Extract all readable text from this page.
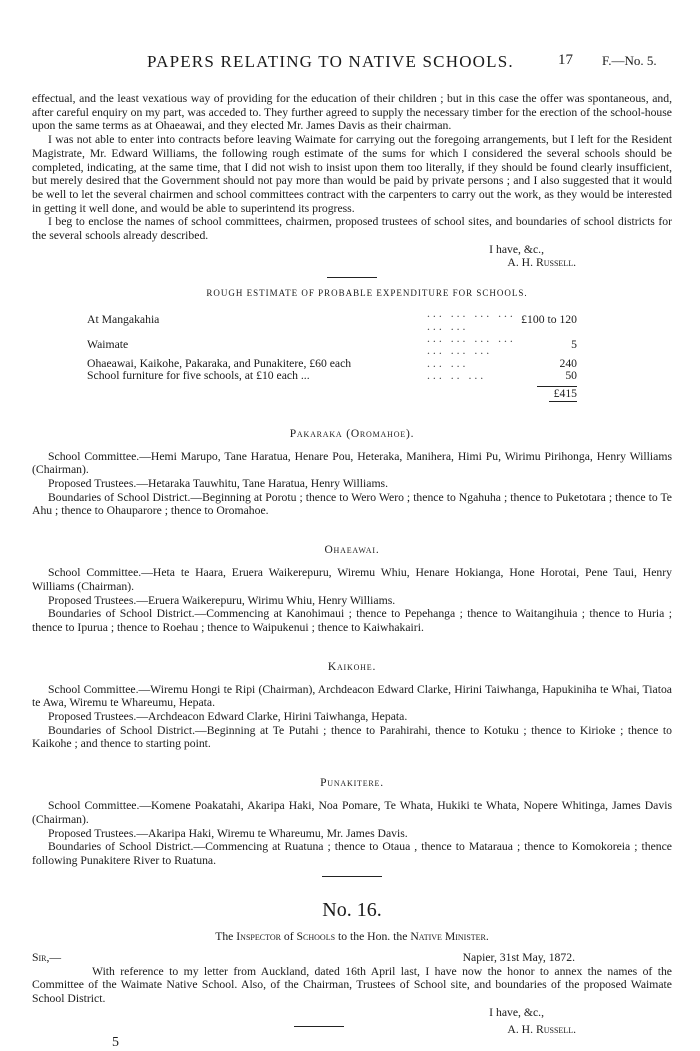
PAPERS RELATING TO NATIVE SCHOOLS.	17 F.—No. 5.

effectual, and the least vexatious way of providing for the education of their children ; but in this case the offer was spontaneous, and, after careful enquiry on my part, was acceded to. They further agreed to supply the necessary timber for the erection of the school-house upon the same terms as at Ohaeawai, and they elected Mr. James Davis as their chairman.

I was not able to enter into contracts before leaving Waimate for carrying out the foregoing arrangements, but I left for the Resident Magistrate, Mr. Edward Williams, the following rough estimate of the sums for which I considered the several schools should be completed, indicating, at the same time, that I did not wish to insist upon them too literally, if they should be found clearly insufficient, but merely desired that the Government should not pay more than would be paid by private persons ; and I also suggested that it would be well to let the several chairmen and school committees contract with the carpenters to carry out the work, as they would be interested in getting it well done, and would be able to superintend its progress.

I beg to enclose the names of school committees, chairmen, proposed trustees of school sites, and boundaries of school districts for the several schools already described.

I have, &c.,
A. H. Russell.
ROUGH ESTIMATE OF PROBABLE EXPENDITURE FOR SCHOOLS.
At Mangakahia	... ... ... ... ... ...	£100 to 120
Waimate	... ... ... ... ... ... ...	5
Ohaeawai, Kaikohe, Pakaraka, and Punakitere, £60 each	... ...	240
School furniture for five schools, at £10 each ...	... .. ...	50
£415
Pakaraka (Oromahoe).

School Committee.—Hemi Marupo, Tane Haratua, Henare Pou, Heteraka, Manihera, Himi Pu, Wirimu Pirihonga, Henry Williams (Chairman).

Proposed Trustees.—Hetaraka Tauwhitu, Tane Haratua, Henry Williams.

Boundaries of School District.—Beginning at Porotu ; thence to Wero Wero ; thence to Ngahuha ; thence to Puketotara ; thence to Te Ahu ; thence to Ohauparore ; thence to Oromahoe.

Ohaeawai.

School Committee.—Heta te Haara, Eruera Waikerepuru, Wiremu Whiu, Henare Hokianga, Hone Horotai, Pene Taui, Henry Williams (Chairman).

Proposed Trustees.—Eruera Waikerepuru, Wirimu Whiu, Henry Williams.

Boundaries of School District.—Commencing at Kanohimaui ; thence to Pepehanga ; thence to Waitangihuia ; thence to Huria ; thence to Ipurua ; thence to Roehau ; thence to Waipukenui ; thence to Kaiwhakairi.

Kaikohe.

School Committee.—Wiremu Hongi te Ripi (Chairman), Archdeacon Edward Clarke, Hirini Taiwhanga, Hapukiniha te Whai, Tiatoa te Awa, Wiremu te Whareumu, Hepata.

Proposed Trustees.—Archdeacon Edward Clarke, Hirini Taiwhanga, Hepata.

Boundaries of School District.—Beginning at Te Putahi ; thence to Parahirahi, thence to Kotuku ; thence to Kirioke ; thence to Kaikohe ; and thence to starting point.

Punakitere.

School Committee.—Komene Poakatahi, Akaripa Haki, Noa Pomare, Te Whata, Hukiki te Whata, Nopere Whitinga, James Davis (Chairman).

Proposed Trustees.—Akaripa Haki, Wiremu te Whareumu, Mr. James Davis.

Boundaries of School District.—Commencing at Ruatuna ; thence to Otaua , thence to Mataraua ; thence to Komokoreia ; thence following Punakitere River to Ruatuna.

No. 16.
The Inspector of Schools to the Hon. the Native Minister.
Sir,—	Napier, 31st May, 1872.

With reference to my letter from Auckland, dated 16th April last, I have now the honor to annex the names of the Committee of the Waimate Native School. Also, of the Chairman, Trustees of School site, and boundaries of the proposed Waimate School District.

I have, &c.,
5
A. H. Russell.
